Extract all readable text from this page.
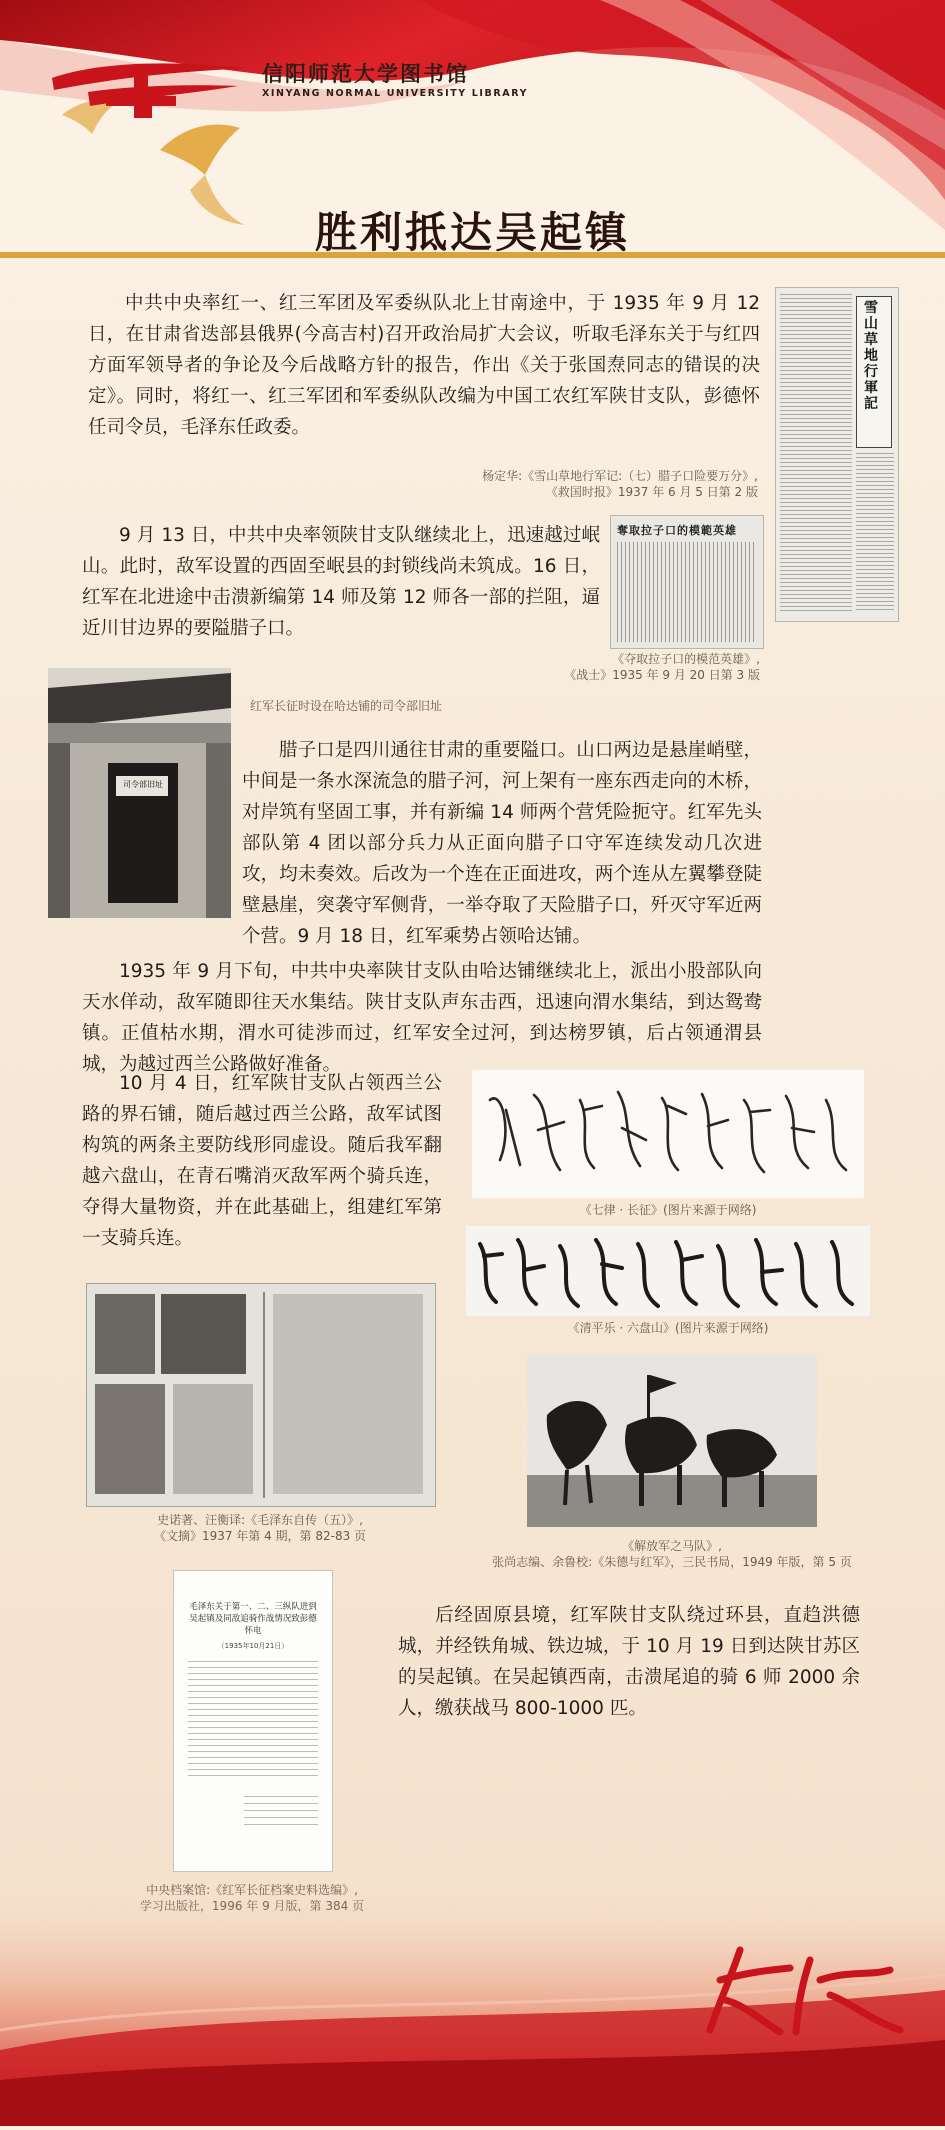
信阳师范大学图书馆
XINYANG NORMAL UNIVERSITY LIBRARY
胜利抵达吴起镇
中共中央率红一、红三军团及军委纵队北上甘南途中，于 1935 年 9 月 12 日，在甘肃省迭部县俄界(今高吉村)召开政治局扩大会议，听取毛泽东关于与红四方面军领导者的争论及今后战略方针的报告，作出《关于张国焘同志的错误的决定》。同时，将红一、红三军团和军委纵队改编为中国工农红军陕甘支队，彭德怀任司令员，毛泽东任政委。
杨定华:《雪山草地行军记:（七）腊子口险要万分》,
《救国时报》1937 年 6 月 5 日第 2 版
雪山草地行軍記
9 月 13 日，中共中央率领陕甘支队继续北上，迅速越过岷山。此时，敌军设置的西固至岷县的封锁线尚未筑成。16 日，红军在北进途中击溃新编第 14 师及第 12 师各一部的拦阻，逼近川甘边界的要隘腊子口。
奪取拉子口的模範英雄
《夺取拉子口的模范英雄》,
《战士》1935 年 9 月 20 日第 3 版
司令部旧址
红军长征时设在哈达铺的司令部旧址
腊子口是四川通往甘肃的重要隘口。山口两边是悬崖峭壁，中间是一条水深流急的腊子河，河上架有一座东西走向的木桥，对岸筑有坚固工事，并有新编 14 师两个营凭险扼守。红军先头部队第 4 团以部分兵力从正面向腊子口守军连续发动几次进攻，均未奏效。后改为一个连在正面进攻，两个连从左翼攀登陡壁悬崖，突袭守军侧背，一举夺取了天险腊子口，歼灭守军近两个营。9 月 18 日，红军乘势占领哈达铺。
1935 年 9 月下旬，中共中央率陕甘支队由哈达铺继续北上，派出小股部队向天水佯动，敌军随即往天水集结。陕甘支队声东击西，迅速向渭水集结，到达鸳鸯镇。正值枯水期，渭水可徒涉而过，红军安全过河，到达榜罗镇，后占领通渭县城，为越过西兰公路做好准备。
10 月 4 日，红军陕甘支队占领西兰公路的界石铺，随后越过西兰公路，敌军试图构筑的两条主要防线形同虚设。随后我军翻越六盘山，在青石嘴消灭敌军两个骑兵连，夺得大量物资，并在此基础上，组建红军第一支骑兵连。
《七律 · 长征》(图片来源于网络)
《清平乐 · 六盘山》(图片来源于网络)
史诺著、汪衡译:《毛泽东自传（五）》,
《文摘》1937 年第 4 期，第 82-83 页
《解放军之马队》,
张尚志编、余鲁校:《朱德与红军》，三民书局，1949 年版，第 5 页
毛泽东关于第一、二、三纵队进到吴起镇及同敌追骑作战情况致彭德怀电
（1935年10月21日）
后经固原县境，红军陕甘支队绕过环县，直趋洪德城，并经铁角城、铁边城，于 10 月 19 日到达陕甘苏区的吴起镇。在吴起镇西南，击溃尾追的骑 6 师 2000 余人，缴获战马 800-1000 匹。
